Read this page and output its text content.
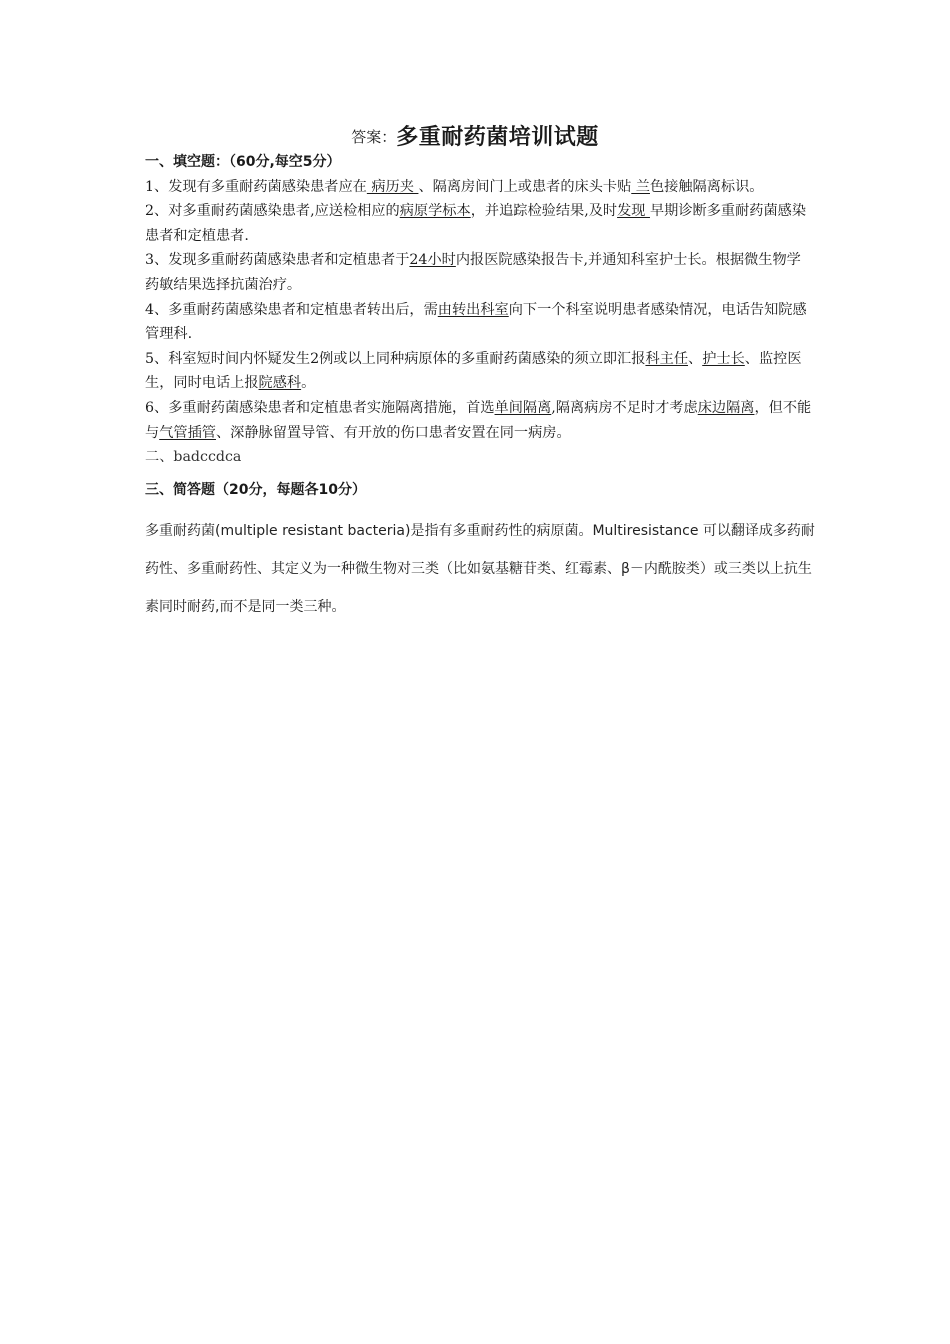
答案：多重耐药菌培训试题
一、填空题：（60分,每空5分）

1、发现有多重耐药菌感染患者应在 病历夹 、隔离房间门上或患者的床头卡贴 兰色接触隔离标识。

2、对多重耐药菌感染患者,应送检相应的病原学标本，并追踪检验结果,及时发现 早期诊断多重耐药菌感染患者和定植患者.

3、发现多重耐药菌感染患者和定植患者于24小时内报医院感染报告卡,并通知科室护士长。根据微生物学药敏结果选择抗菌治疗。

4、多重耐药菌感染患者和定植患者转出后，需由转出科室向下一个科室说明患者感染情况，电话告知院感管理科.

5、科室短时间内怀疑发生2例或以上同种病原体的多重耐药菌感染的须立即汇报科主任、护士长、监控医生，同时电话上报院感科。

6、多重耐药菌感染患者和定植患者实施隔离措施，首选单间隔离,隔离病房不足时才考虑床边隔离，但不能与气管插管、深静脉留置导管、有开放的伤口患者安置在同一病房。

二、badccdca

三、简答题（20分，每题各10分）

多重耐药菌(multiple resistant bacteria)是指有多重耐药性的病原菌。Multiresistance 可以翻译成多药耐药性、多重耐药性、其定义为一种微生物对三类（比如氨基糖苷类、红霉素、β－内酰胺类）或三类以上抗生素同时耐药,而不是同一类三种。
